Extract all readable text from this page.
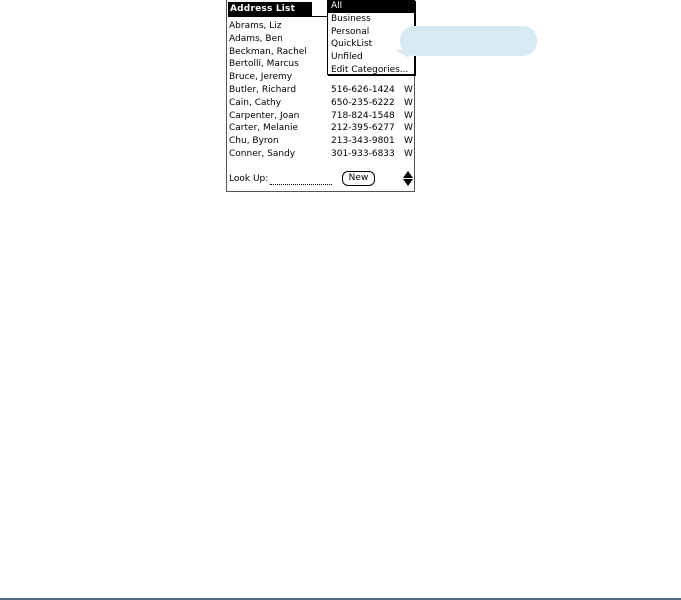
Address List
Abrams, Liz
Adams, Ben
Beckman, Rachel
Bertolli, Marcus
Bruce, Jeremy
Butler, Richard	516-626-1424 W
Cain, Cathy	650-235-6222 W
Carpenter, Joan	718-824-1548 W
Carter, Melanie	212-395-6277 W
Chu, Byron	213-343-9801 W
Conner, Sandy	301-933-6833 W
Look Up:	New
All
Business
Personal
QuickList
Unfiled
Edit Categories...
